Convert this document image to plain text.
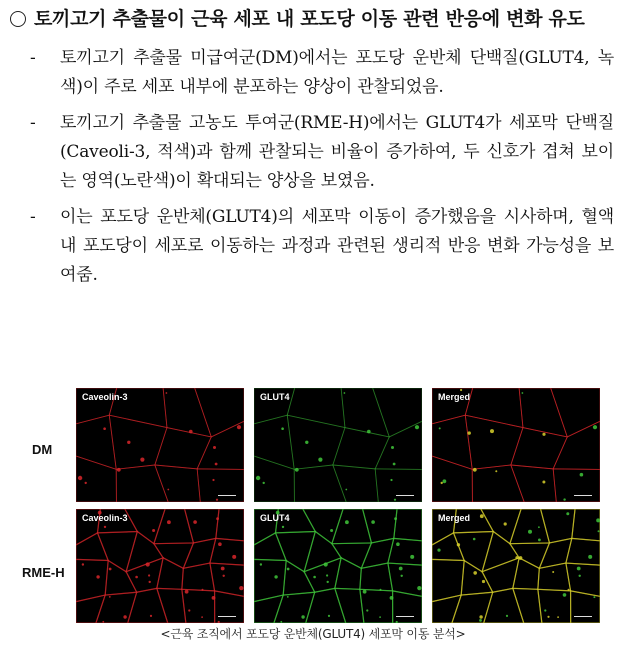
토끼고기 추출물이 근육 세포 내 포도당 이동 관련 반응에 변화 유도
- 토끼고기 추출물 미급여군(DM)에서는 포도당 운반체 단백질(GLUT4, 녹색)이 주로 세포 내부에 분포하는 양상이 관찰되었음.
- 토끼고기 추출물 고농도 투여군(RME-H)에서는 GLUT4가 세포막 단백질(Caveoli-3, 적색)과 함께 관찰되는 비율이 증가하여, 두 신호가 겹쳐 보이는 영역(노란색)이 확대되는 양상을 보였음.
- 이는 포도당 운반체(GLUT4)의 세포막 이동이 증가했음을 시사하며, 혈액 내 포도당이 세포로 이동하는 과정과 관련된 생리적 반응 변화 가능성을 보여줌.
DM
RME-H
Caveolin-3	GLUT4	Merged
Caveolin-3	GLUT4	Merged
<근육 조직에서 포도당 운반체(GLUT4) 세포막 이동 분석>
